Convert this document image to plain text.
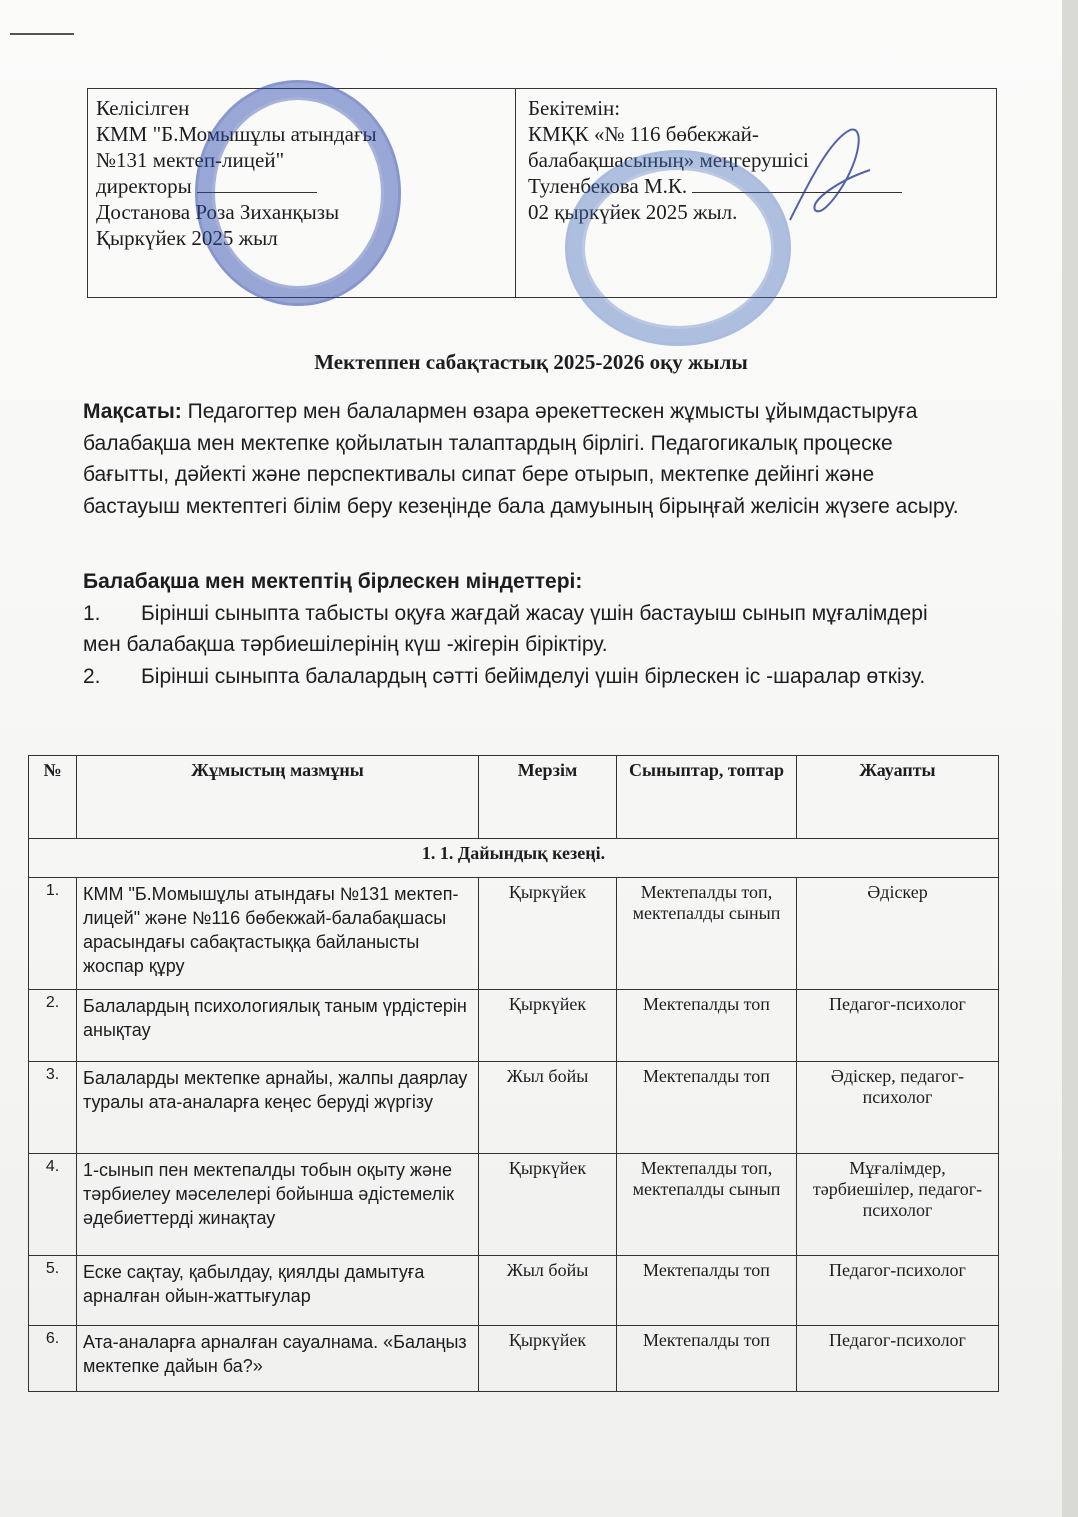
Келісілген
КММ "Б.Момышұлы атындағы
№131 мектеп-лицей"
директоры
Достанова Роза Зиханқызы
Қыркүйек 2025 жыл
Бекітемін:
КМҚК «№ 116 бөбекжай-
балабақшасының» меңгерушісі
Туленбекова М.К.
02 қыркүйек 2025 жыл.
Мектеппен сабақтастық 2025-2026 оқу жылы
Мақсаты: Педагогтер мен балалармен өзара әрекеттескен жұмысты ұйымдастыруға балабақша мен мектепке қойылатын талаптардың бірлігі. Педагогикалық процеске бағытты, дәйекті және перспективалы сипат бере отырып, мектепке дейінгі және бастауыш мектептегі білім беру кезеңінде бала дамуының бірыңғай желісін жүзеге асыру.
Балабақша мен мектептің бірлескен міндеттері:
1. Бірінші сыныпта табысты оқуға жағдай жасау үшін бастауыш сынып мұғалімдері мен балабақша тәрбиешілерінің күш -жігерін біріктіру.
2. Бірінші сыныпта балалардың сәтті бейімделуі үшін бірлескен іс -шаралар өткізу.
№	Жұмыстың мазмұны	Мерзім	Сыныптар, топтар	Жауапты
1. 1. Дайындық кезеңі.				
1.	КММ "Б.Момышұлы атындағы №131 мектеп-лицей" және №116 бөбекжай-балабақшасы арасындағы сабақтастыққа байланысты жоспар құру	Қыркүйек	Мектепалды топ, мектепалды сынып	Әдіскер
2.	Балалардың психологиялық таным үрдістерін анықтау	Қыркүйек	Мектепалды топ	Педагог-психолог
3.	Балаларды мектепке арнайы, жалпы даярлау туралы ата-аналарға кеңес беруді жүргізу	Жыл бойы	Мектепалды топ	Әдіскер, педагог-психолог
4.	1-сынып пен мектепалды тобын оқыту және тәрбиелеу мәселелері бойынша әдістемелік әдебиеттерді жинақтау	Қыркүйек	Мектепалды топ, мектепалды сынып	Мұғалімдер, тәрбиешілер, педагог-психолог
5.	Еске сақтау, қабылдау, қиялды дамытуға арналған ойын-жаттығулар	Жыл бойы	Мектепалды топ	Педагог-психолог
6.	Ата-аналарға арналған сауалнама. «Балаңыз мектепке дайын ба?»	Қыркүйек	Мектепалды топ	Педагог-психолог
